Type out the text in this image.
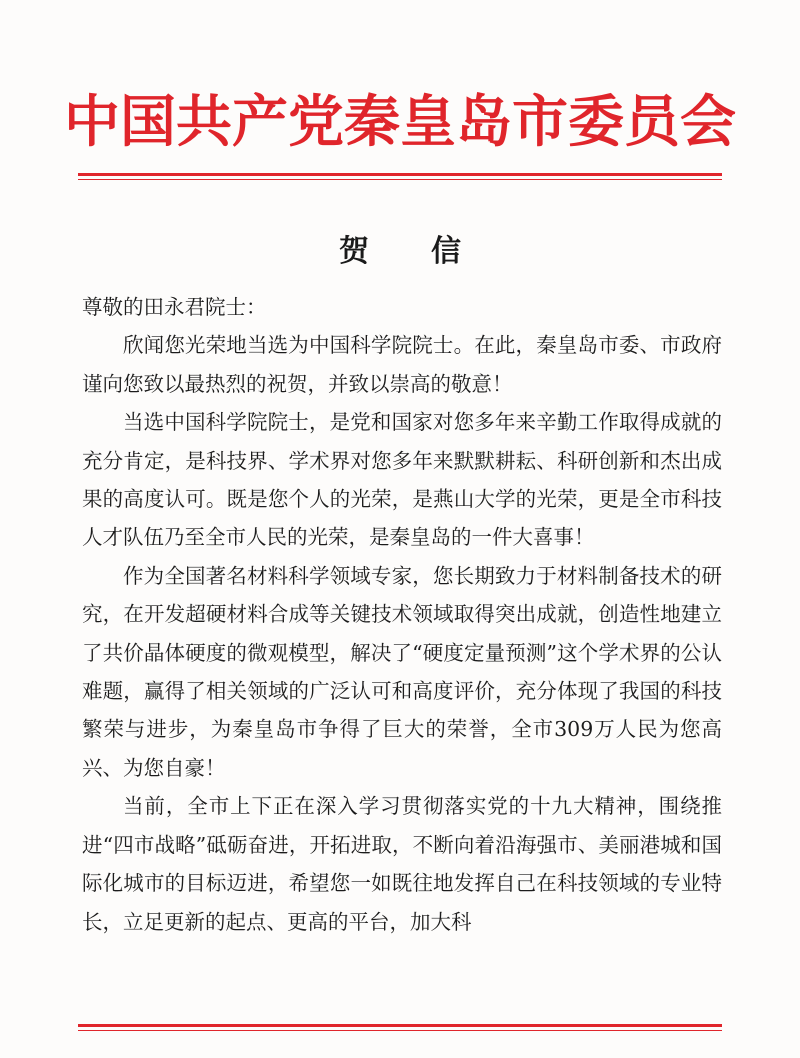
中国共产党秦皇岛市委员会
贺信

尊敬的田永君院士：

欣闻您光荣地当选为中国科学院院士。在此，秦皇岛市委、市政府谨向您致以最热烈的祝贺，并致以崇高的敬意！

当选中国科学院院士，是党和国家对您多年来辛勤工作取得成就的充分肯定，是科技界、学术界对您多年来默默耕耘、科研创新和杰出成果的高度认可。既是您个人的光荣，是燕山大学的光荣，更是全市科技人才队伍乃至全市人民的光荣，是秦皇岛的一件大喜事！

作为全国著名材料科学领域专家，您长期致力于材料制备技术的研究，在开发超硬材料合成等关键技术领域取得突出成就，创造性地建立了共价晶体硬度的微观模型，解决了“硬度定量预测”这个学术界的公认难题，赢得了相关领域的广泛认可和高度评价，充分体现了我国的科技繁荣与进步，为秦皇岛市争得了巨大的荣誉，全市309万人民为您高兴、为您自豪！

当前，全市上下正在深入学习贯彻落实党的十九大精神，围绕推进“四市战略”砥砺奋进，开拓进取，不断向着沿海强市、美丽港城和国际化城市的目标迈进，希望您一如既往地发挥自己在科技领域的专业特长，立足更新的起点、更高的平台，加大科
